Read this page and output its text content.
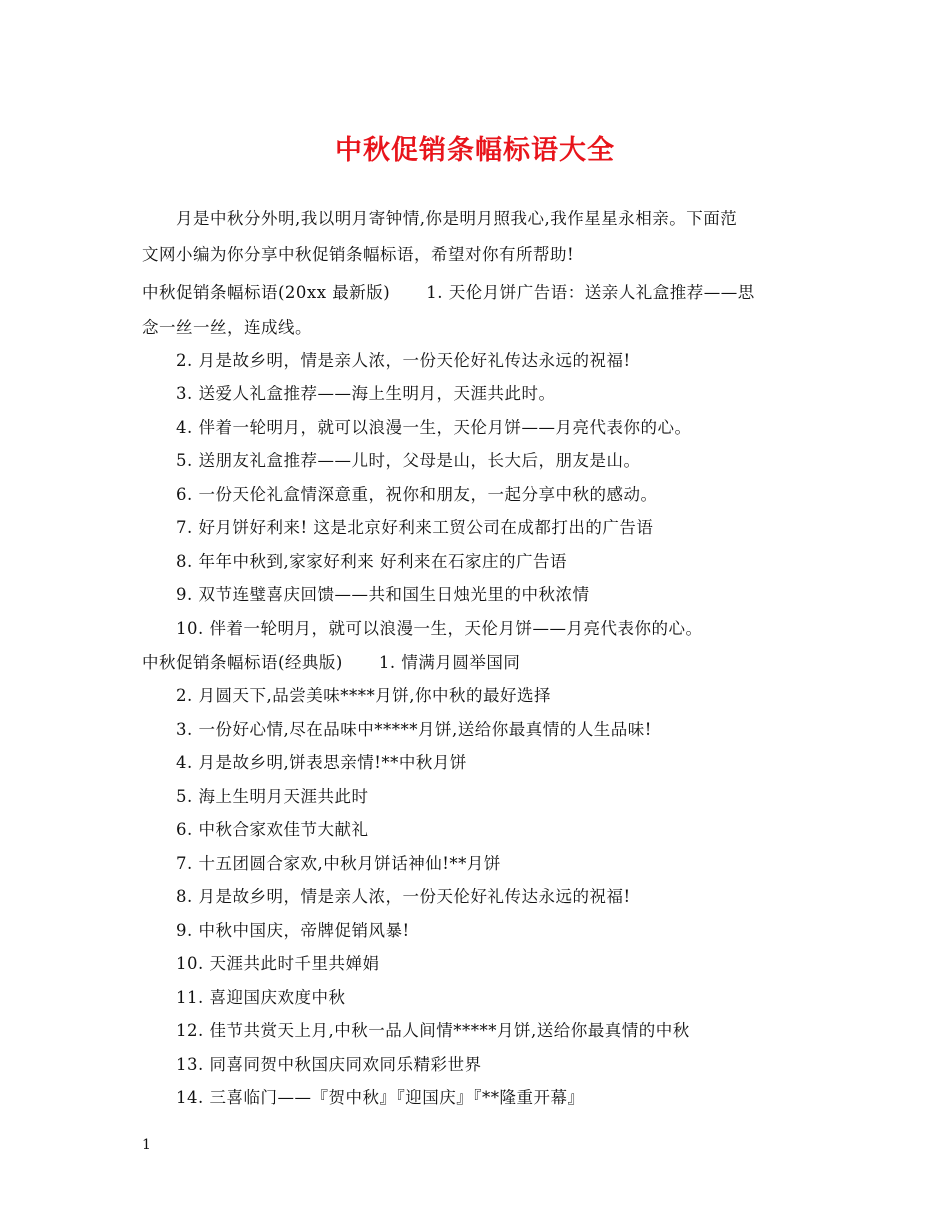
中秋促销条幅标语大全
月是中秋分外明,我以明月寄钟情,你是明月照我心,我作星星永相亲。下面范
文网小编为你分享中秋促销条幅标语，希望对你有所帮助!
中秋促销条幅标语(20xx 最新版) 1. 天伦月饼广告语：送亲人礼盒推荐——思
念一丝一丝，连成线。
2. 月是故乡明，情是亲人浓，一份天伦好礼传达永远的祝福!
3. 送爱人礼盒推荐——海上生明月，天涯共此时。
4. 伴着一轮明月，就可以浪漫一生，天伦月饼——月亮代表你的心。
5. 送朋友礼盒推荐——儿时，父母是山，长大后，朋友是山。
6. 一份天伦礼盒情深意重，祝你和朋友，一起分享中秋的感动。
7. 好月饼好利来! 这是北京好利来工贸公司在成都打出的广告语
8. 年年中秋到,家家好利来 好利来在石家庄的广告语
9. 双节连璧喜庆回馈——共和国生日烛光里的中秋浓情
10. 伴着一轮明月，就可以浪漫一生，天伦月饼——月亮代表你的心。
中秋促销条幅标语(经典版) 1. 情满月圆举国同
2. 月圆天下,品尝美味****月饼,你中秋的最好选择
3. 一份好心情,尽在品味中*****月饼,送给你最真情的人生品味!
4. 月是故乡明,饼表思亲情!**中秋月饼
5. 海上生明月天涯共此时
6. 中秋合家欢佳节大献礼
7. 十五团圆合家欢,中秋月饼话神仙!**月饼
8. 月是故乡明，情是亲人浓，一份天伦好礼传达永远的祝福!
9. 中秋中国庆，帝牌促销风暴!
10. 天涯共此时千里共婵娟
11. 喜迎国庆欢度中秋
12. 佳节共赏天上月,中秋一品人间情*****月饼,送给你最真情的中秋
13. 同喜同贺中秋国庆同欢同乐精彩世界
14. 三喜临门——『贺中秋』『迎国庆』『**隆重开幕』
1
